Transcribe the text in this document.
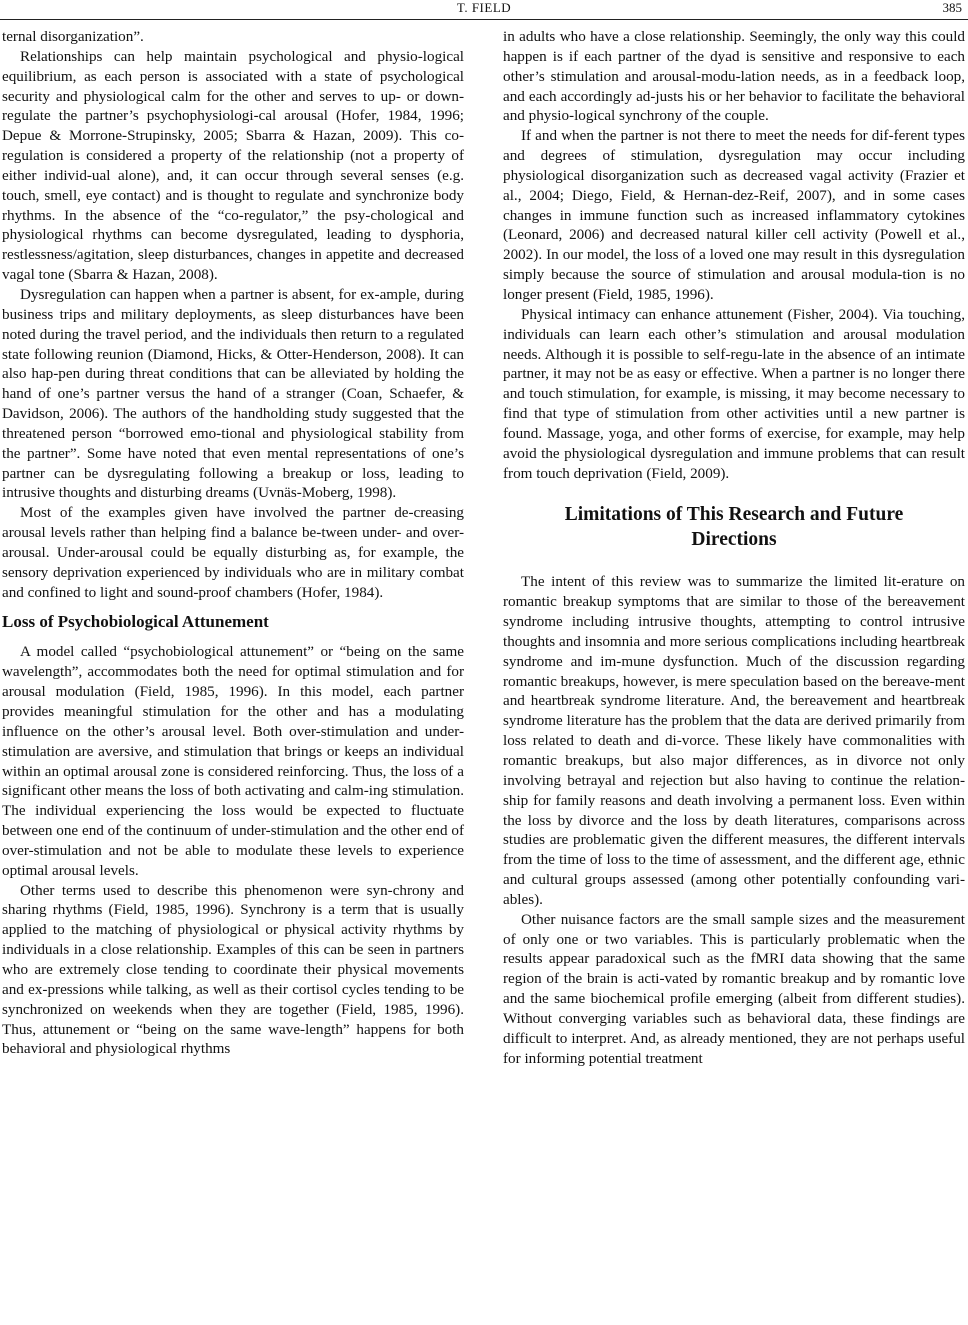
T. FIELD	385

ternal disorganization”.

Relationships can help maintain psychological and physio-logical equilibrium, as each person is associated with a state of psychological security and physiological calm for the other and serves to up- or down-regulate the partner’s psychophysiologi-cal arousal (Hofer, 1984, 1996; Depue & Morrone-Strupinsky, 2005; Sbarra & Hazan, 2009). This co-regulation is considered a property of the relationship (not a property of either individ-ual alone), and, it can occur through several senses (e.g. touch, smell, eye contact) and is thought to regulate and synchronize body rhythms. In the absence of the “co-regulator,” the psy-chological and physiological rhythms can become dysregulated, leading to dysphoria, restlessness/agitation, sleep disturbances, changes in appetite and decreased vagal tone (Sbarra & Hazan, 2008).

Dysregulation can happen when a partner is absent, for ex-ample, during business trips and military deployments, as sleep disturbances have been noted during the travel period, and the individuals then return to a regulated state following reunion (Diamond, Hicks, & Otter-Henderson, 2008). It can also hap-pen during threat conditions that can be alleviated by holding the hand of one’s partner versus the hand of a stranger (Coan, Schaefer, & Davidson, 2006). The authors of the handholding study suggested that the threatened person “borrowed emo-tional and physiological stability from the partner”. Some have noted that even mental representations of one’s partner can be dysregulating following a breakup or loss, leading to intrusive thoughts and disturbing dreams (Uvnäs-Moberg, 1998).

Most of the examples given have involved the partner de-creasing arousal levels rather than helping find a balance be-tween under- and over-arousal. Under-arousal could be equally disturbing as, for example, the sensory deprivation experienced by individuals who are in military combat and confined to light and sound-proof chambers (Hofer, 1984).

Loss of Psychobiological Attunement

A model called “psychobiological attunement” or “being on the same wavelength”, accommodates both the need for optimal stimulation and for arousal modulation (Field, 1985, 1996). In this model, each partner provides meaningful stimulation for the other and has a modulating influence on the other’s arousal level. Both over-stimulation and under-stimulation are aversive, and stimulation that brings or keeps an individual within an optimal arousal zone is considered reinforcing. Thus, the loss of a significant other means the loss of both activating and calm-ing stimulation. The individual experiencing the loss would be expected to fluctuate between one end of the continuum of under-stimulation and the other end of over-stimulation and not be able to modulate these levels to experience optimal arousal levels.

Other terms used to describe this phenomenon were syn-chrony and sharing rhythms (Field, 1985, 1996). Synchrony is a term that is usually applied to the matching of physiological or physical activity rhythms by individuals in a close relationship. Examples of this can be seen in partners who are extremely close tending to coordinate their physical movements and ex-pressions while talking, as well as their cortisol cycles tending to be synchronized on weekends when they are together (Field, 1985, 1996). Thus, attunement or “being on the same wave-length” happens for both behavioral and physiological rhythms

in adults who have a close relationship. Seemingly, the only way this could happen is if each partner of the dyad is sensitive and responsive to each other’s stimulation and arousal-modu-lation needs, as in a feedback loop, and each accordingly ad-justs his or her behavior to facilitate the behavioral and physio-logical synchrony of the couple.

If and when the partner is not there to meet the needs for dif-ferent types and degrees of stimulation, dysregulation may occur including physiological disorganization such as decreased vagal activity (Frazier et al., 2004; Diego, Field, & Hernan-dez-Reif, 2007), and in some cases changes in immune function such as increased inflammatory cytokines (Leonard, 2006) and decreased natural killer cell activity (Powell et al., 2002). In our model, the loss of a loved one may result in this dysregulation simply because the source of stimulation and arousal modula-tion is no longer present (Field, 1985, 1996).

Physical intimacy can enhance attunement (Fisher, 2004). Via touching, individuals can learn each other’s stimulation and arousal modulation needs. Although it is possible to self-regu-late in the absence of an intimate partner, it may not be as easy or effective. When a partner is no longer there and touch stimulation, for example, is missing, it may become necessary to find that type of stimulation from other activities until a new partner is found. Massage, yoga, and other forms of exercise, for example, may help avoid the physiological dysregulation and immune problems that can result from touch deprivation (Field, 2009).

Limitations of This Research and Future
Directions

The intent of this review was to summarize the limited lit-erature on romantic breakup symptoms that are similar to those of the bereavement syndrome including intrusive thoughts, attempting to control intrusive thoughts and insomnia and more serious complications including heartbreak syndrome and im-mune dysfunction. Much of the discussion regarding romantic breakups, however, is mere speculation based on the bereave-ment and heartbreak syndrome literature. And, the bereavement and heartbreak syndrome literature has the problem that the data are derived primarily from loss related to death and di-vorce. These likely have commonalities with romantic breakups, but also major differences, as in divorce not only involving betrayal and rejection but also having to continue the relation-ship for family reasons and death involving a permanent loss. Even within the loss by divorce and the loss by death literatures, comparisons across studies are problematic given the different measures, the different intervals from the time of loss to the time of assessment, and the different age, ethnic and cultural groups assessed (among other potentially confounding vari-ables).

Other nuisance factors are the small sample sizes and the measurement of only one or two variables. This is particularly problematic when the results appear paradoxical such as the fMRI data showing that the same region of the brain is acti-vated by romantic breakup and by romantic love and the same biochemical profile emerging (albeit from different studies). Without converging variables such as behavioral data, these findings are difficult to interpret. And, as already mentioned, they are not perhaps useful for informing potential treatment
